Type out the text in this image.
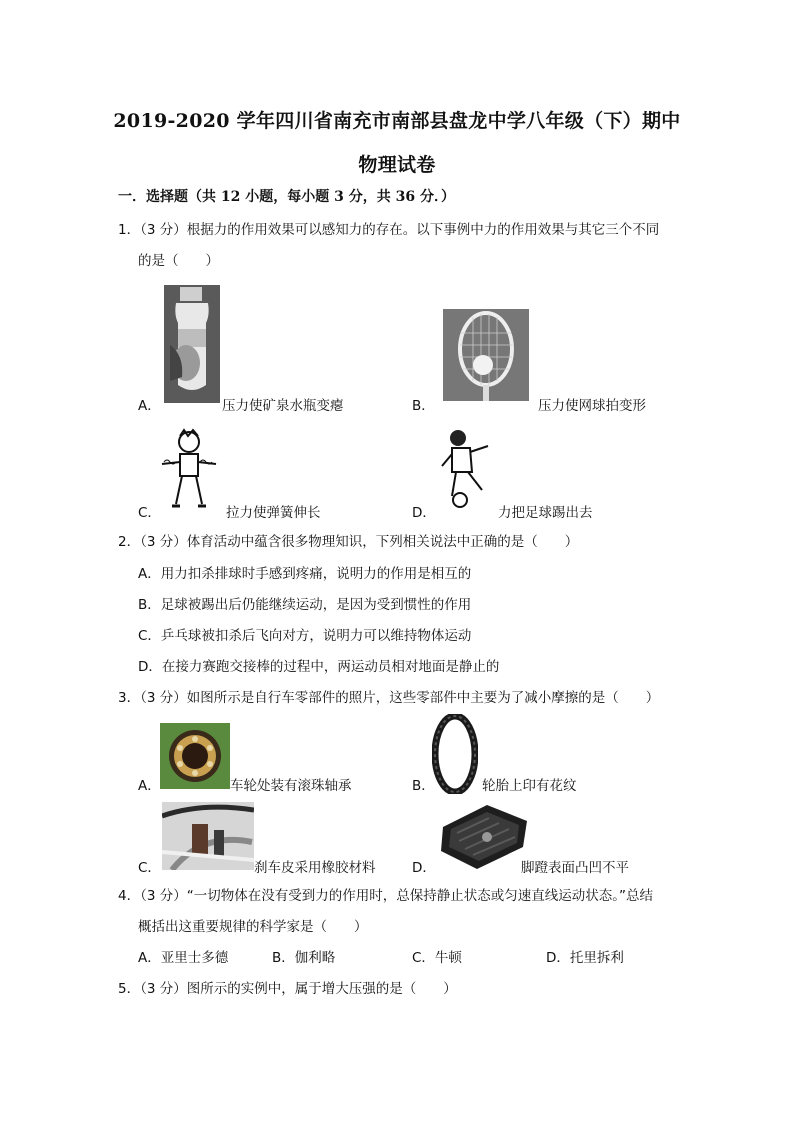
2019-2020 学年四川省南充市南部县盘龙中学八年级（下）期中
物理试卷
一．选择题（共 12 小题，每小题 3 分，共 36 分．）
1．（3 分）根据力的作用效果可以感知力的存在。以下事例中力的作用效果与其它三个不同
的是（　　）
A．	压力使矿泉水瓶变瘪	B．	压力使网球拍变形
C．	拉力使弹簧伸长	D．	力把足球踢出去
2．（3 分）体育活动中蕴含很多物理知识，下列相关说法中正确的是（　　）
A．用力扣杀排球时手感到疼痛，说明力的作用是相互的
B．足球被踢出后仍能继续运动，是因为受到惯性的作用
C．乒乓球被扣杀后飞向对方，说明力可以维持物体运动
D．在接力赛跑交接棒的过程中，两运动员相对地面是静止的
3．（3 分）如图所示是自行车零部件的照片，这些零部件中主要为了减小摩擦的是（　　）
A．	车轮处装有滚珠轴承	B．	轮胎上印有花纹
C．	刹车皮采用橡胶材料	D．	脚蹬表面凸凹不平
4．（3 分）“一切物体在没有受到力的作用时，总保持静止状态或匀速直线运动状态。”总结
概括出这重要规律的科学家是（　　）
A．亚里士多德	B．伽利略	C．牛顿	D．托里拆利
5．（3 分）图所示的实例中，属于增大压强的是（　　）
